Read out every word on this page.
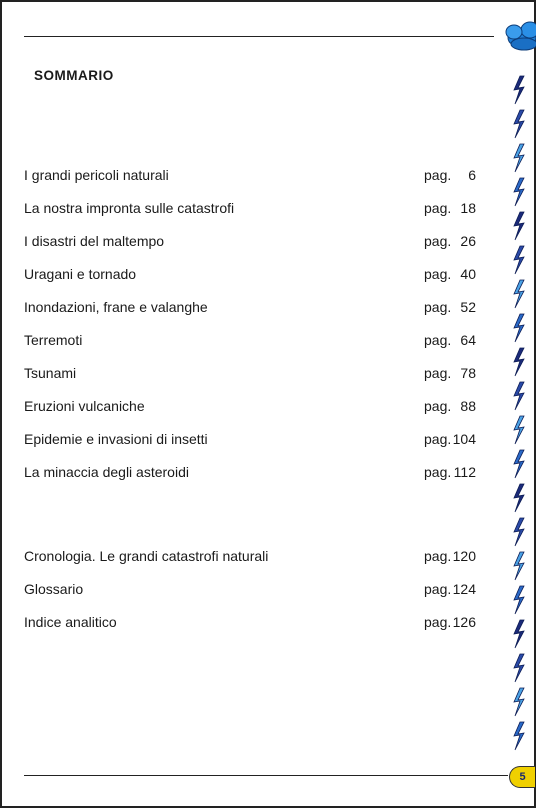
SOMMARIO
I grandi pericoli naturali	pag. 6
La nostra impronta sulle catastrofi	pag. 18
I disastri del maltempo	pag. 26
Uragani e tornado	pag. 40
Inondazioni, frane e valanghe	pag. 52
Terremoti	pag. 64
Tsunami	pag. 78
Eruzioni vulcaniche	pag. 88
Epidemie e invasioni di insetti	pag. 104
La minaccia degli asteroidi	pag. 112
Cronologia. Le grandi catastrofi naturali	pag. 120
Glossario	pag. 124
Indice analitico	pag. 126
5
